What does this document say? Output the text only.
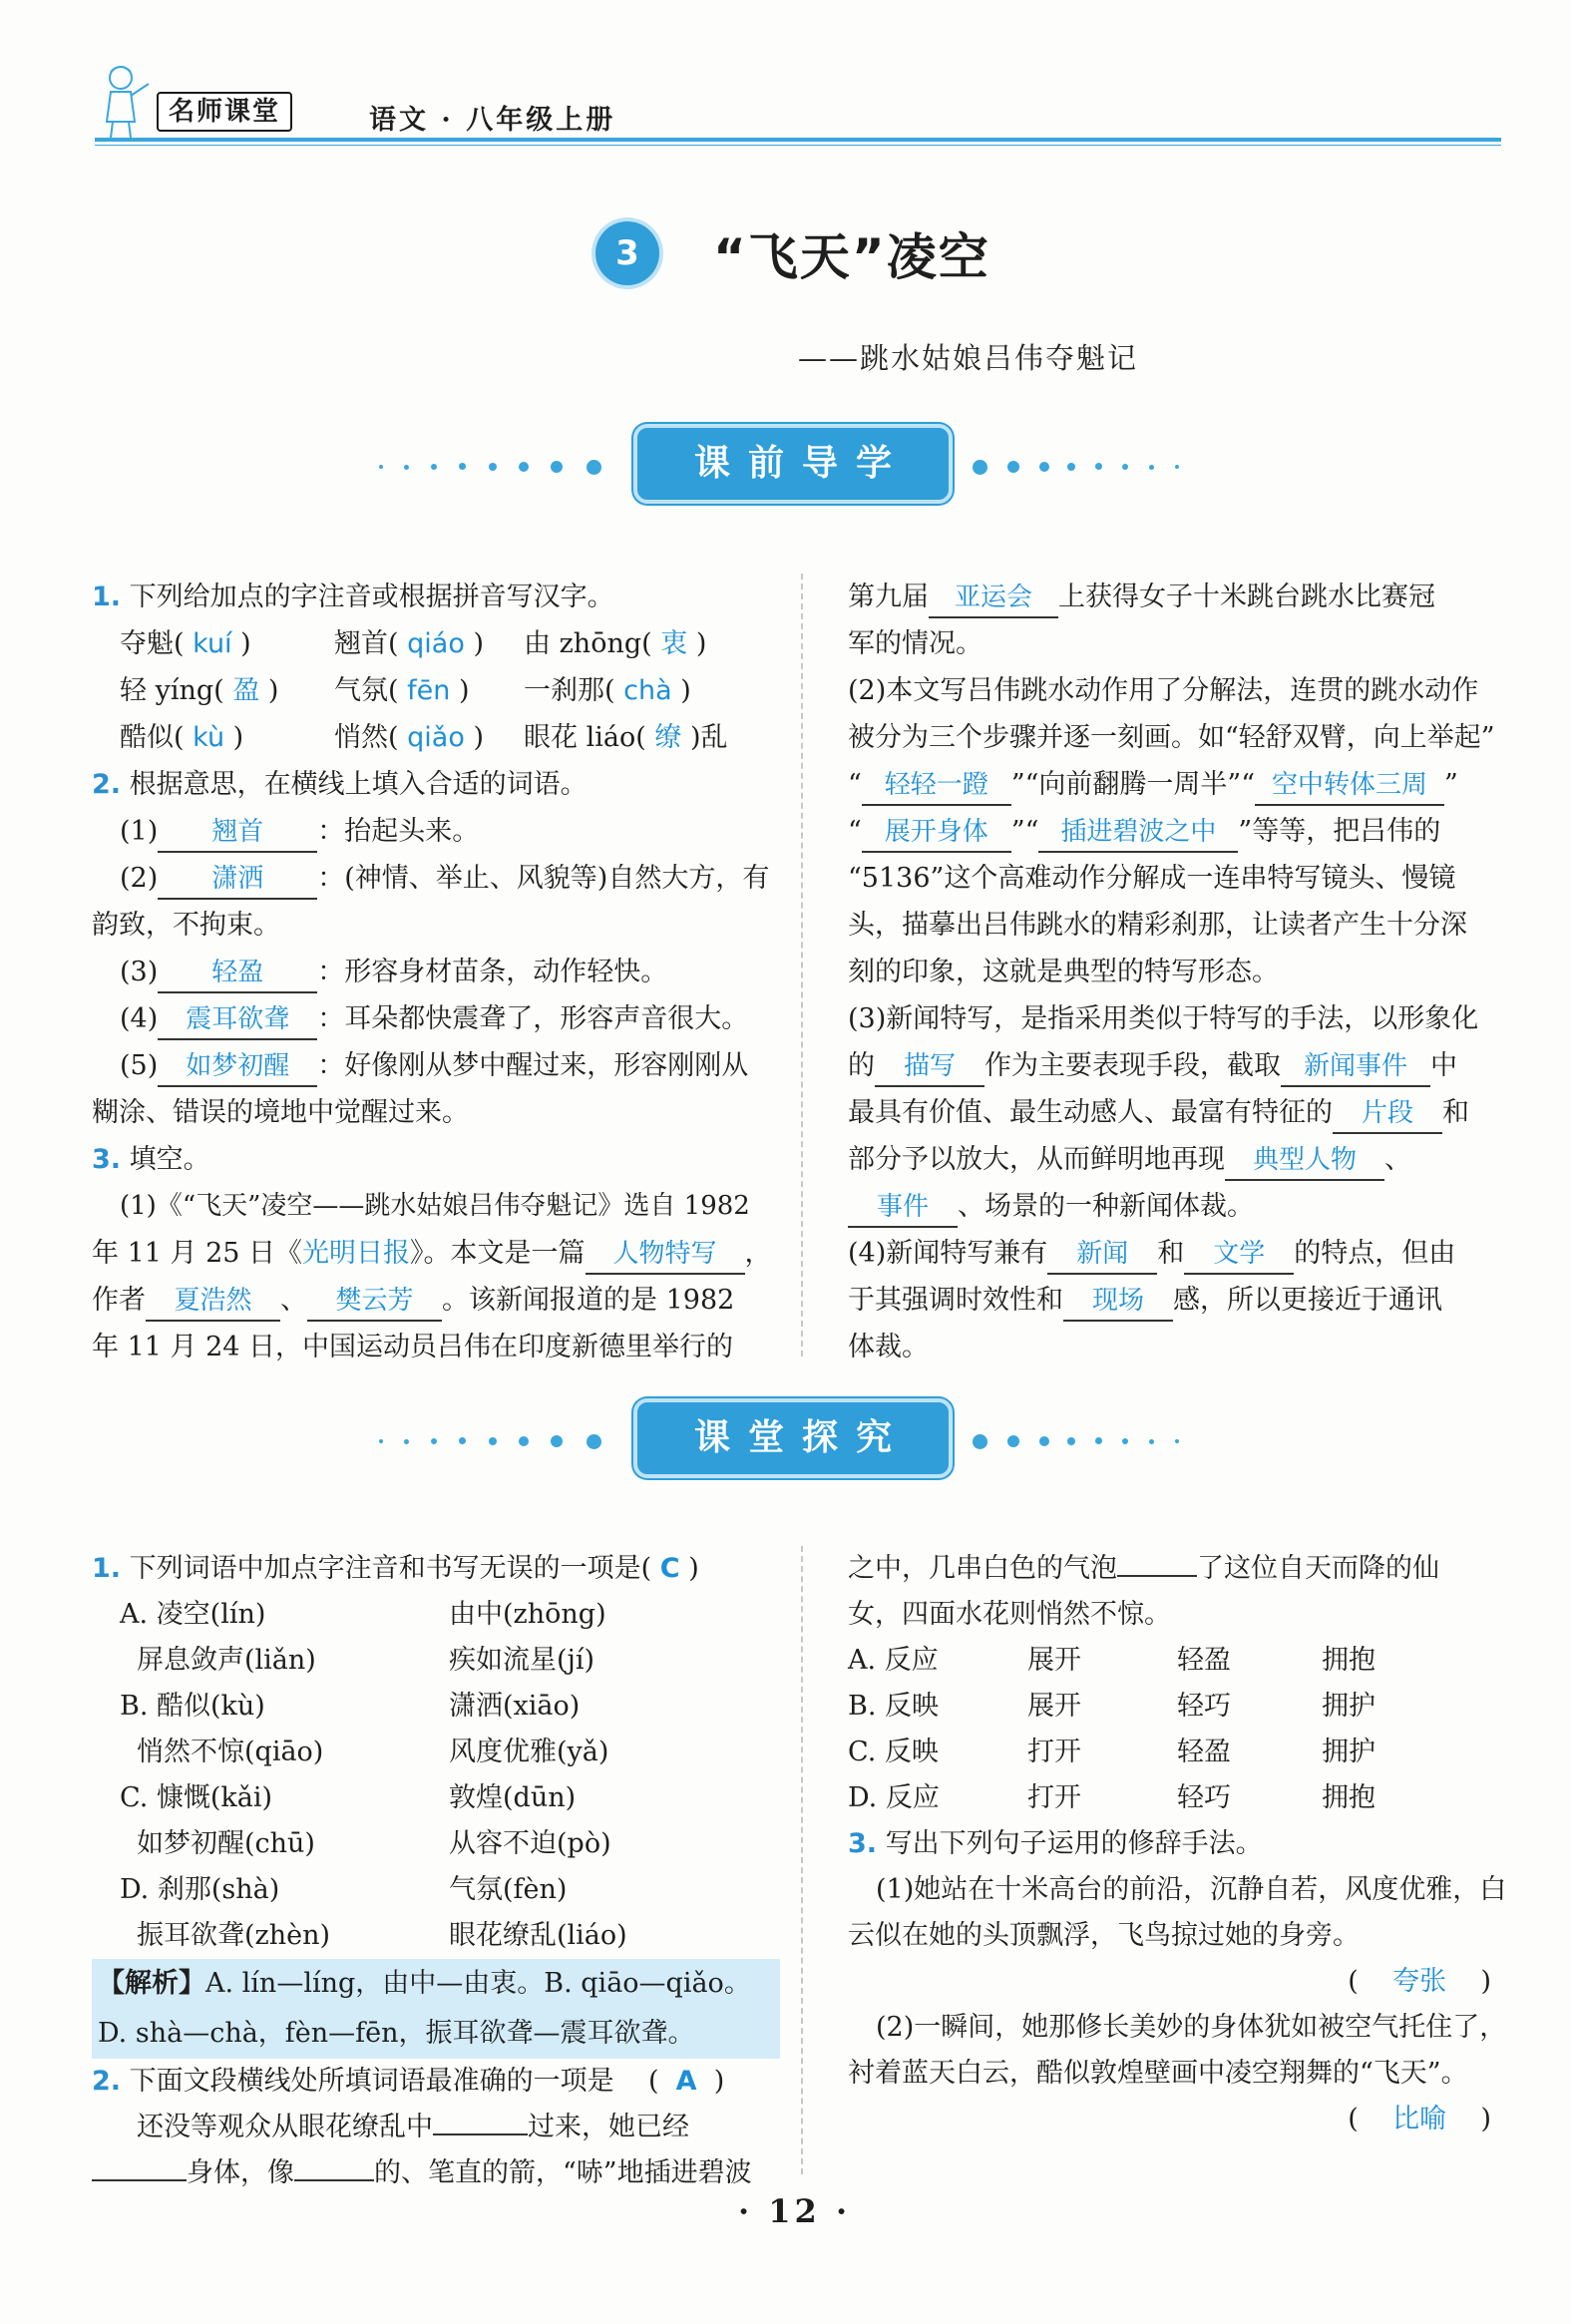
名师课堂	语文 · 八年级上册
3	“飞天”凌空
——跳水姑娘吕伟夺魁记
课前导学

1. 下列给加点的字注音或根据拼音写汉字。

夺魁( kuí )	翘首( qiáo )	由 zhōng( 衷 )

轻 yíng( 盈 )	气氛( fēn )	一刹那( chà )

酷似( kù )	悄然( qiǎo )	眼花 liáo( 缭 )乱

2. 根据意思，在横线上填入合适的词语。

(1) 翘首 ：抬起头来。

(2) 潇洒 ：(神情、举止、风貌等)自然大方，有

韵致，不拘束。

(3) 轻盈 ：形容身材苗条，动作轻快。

(4) 震耳欲聋 ：耳朵都快震聋了，形容声音很大。

(5) 如梦初醒 ：好像刚从梦中醒过来，形容刚刚从

糊涂、错误的境地中觉醒过来。

3. 填空。

(1)《“飞天”凌空——跳水姑娘吕伟夺魁记》选自 1982

年 11 月 25 日《光明日报》。本文是一篇 人物特写 ，

作者 夏浩然 、 樊云芳 。该新闻报道的是 1982

年 11 月 24 日，中国运动员吕伟在印度新德里举行的

第九届 亚运会 上获得女子十米跳台跳水比赛冠

军的情况。

(2)本文写吕伟跳水动作用了分解法，连贯的跳水动作

被分为三个步骤并逐一刻画。如“轻舒双臂，向上举起”

“ 轻轻一蹬 ”“向前翻腾一周半”“ 空中转体三周 ”

“ 展开身体 ”“ 插进碧波之中 ”等等，把吕伟的

“5136”这个高难动作分解成一连串特写镜头、慢镜

头，描摹出吕伟跳水的精彩刹那，让读者产生十分深

刻的印象，这就是典型的特写形态。

(3)新闻特写，是指采用类似于特写的手法，以形象化

的 描写 作为主要表现手段，截取 新闻事件 中

最具有价值、最生动感人、最富有特征的 片段 和

部分予以放大，从而鲜明地再现 典型人物 、

事件 、场景的一种新闻体裁。

(4)新闻特写兼有 新闻 和 文学 的特点，但由

于其强调时效性和 现场 感，所以更接近于通讯

体裁。

课堂探究

1. 下列词语中加点字注音和书写无误的一项是( C )

A. 凌空(lín)	由中(zhōng)

屏息敛声(liǎn)	疾如流星(jí)

B. 酷似(kù)	潇洒(xiāo)

悄然不惊(qiāo)	风度优雅(yǎ)

C. 慷慨(kǎi)	敦煌(dūn)

如梦初醒(chū)	从容不迫(pò)

D. 刹那(shà)	气氛(fèn)

振耳欲聋(zhèn)	眼花缭乱(liáo)

【解析】A. lín—líng，由中—由衷。B. qiāo—qiǎo。

D. shà—chà，fèn—fēn，振耳欲聋—震耳欲聋。

2. 下面文段横线处所填词语最准确的一项是    (  A  )

还没等观众从眼花缭乱中	过来，她已经

身体，像	的、笔直的箭，“哧”地插进碧波

之中，几串白色的气泡	了这位自天而降的仙

女，四面水花则悄然不惊。

A. 反应	展开	轻盈	拥抱

B. 反映	展开	轻巧	拥护

C. 反映	打开	轻盈	拥护

D. 反应	打开	轻巧	拥抱

3. 写出下列句子运用的修辞手法。

(1)她站在十米高台的前沿，沉静自若，风度优雅，白

云似在她的头顶飘浮，飞鸟掠过她的身旁。

(    夸张    )

(2)一瞬间，她那修长美妙的身体犹如被空气托住了，

衬着蓝天白云，酷似敦煌壁画中凌空翔舞的“飞天”。

(    比喻    )

· 12 ·
